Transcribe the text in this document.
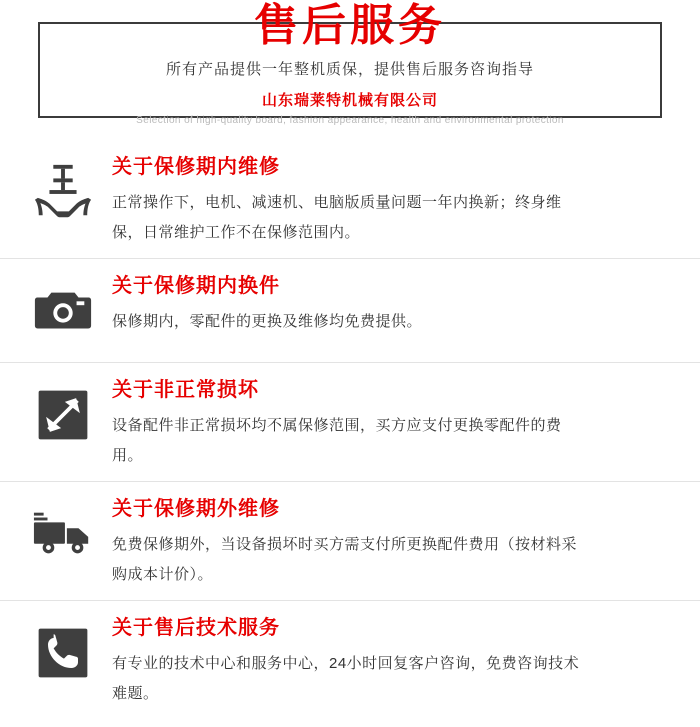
售后服务
所有产品提供一年整机质保，提供售后服务咨询指导
山东瑞莱特机械有限公司
Selection of high-quality board, fashion appearance, health and environmental protection
关于保修期内维修
正常操作下，电机、减速机、电脑版质量问题一年内换新；终身维保，日常维护工作不在保修范围内。
关于保修期内换件
保修期内，零配件的更换及维修均免费提供。
关于非正常损坏
设备配件非正常损坏均不属保修范围，买方应支付更换零配件的费用。
关于保修期外维修
免费保修期外，当设备损坏时买方需支付所更换配件费用（按材料采购成本计价）。
关于售后技术服务
有专业的技术中心和服务中心，24小时回复客户咨询，免费咨询技术难题。
